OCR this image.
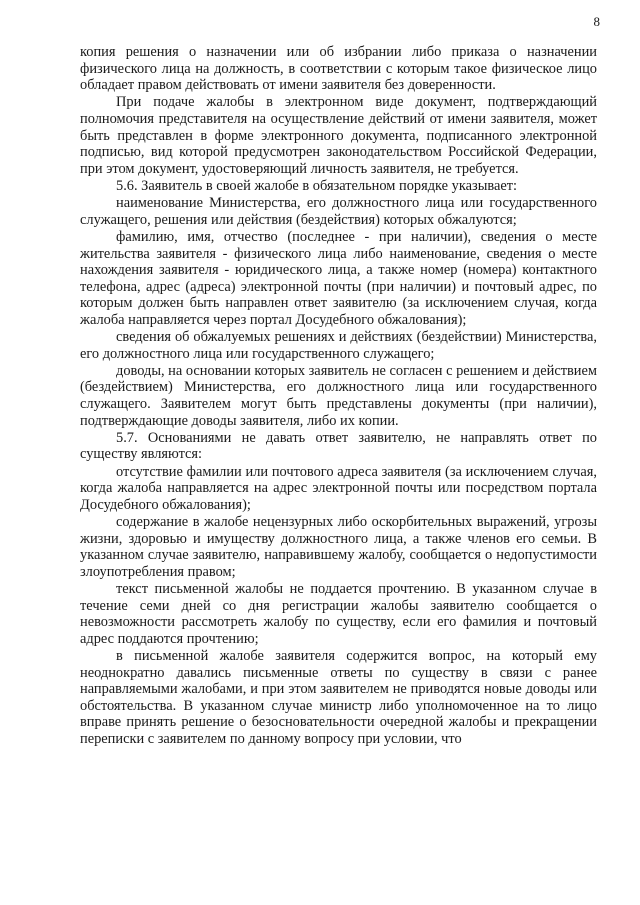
8

копия решения о назначении или об избрании либо приказа о назначении физического лица на должность, в соответствии с которым такое физическое лицо обладает правом действовать от имени заявителя без доверенности.

При подаче жалобы в электронном виде документ, подтверждающий полномочия представителя на осуществление действий от имени заявителя, может быть представлен в форме электронного документа, подписанного электронной подписью, вид которой предусмотрен законодательством Российской Федерации, при этом документ, удостоверяющий личность заявителя, не требуется.

5.6. Заявитель в своей жалобе в обязательном порядке указывает:

наименование Министерства, его должностного лица или государственного служащего, решения или действия (бездействия) которых обжалуются;

фамилию, имя, отчество (последнее - при наличии), сведения о месте жительства заявителя - физического лица либо наименование, сведения о месте нахождения заявителя - юридического лица, а также номер (номера) контактного телефона, адрес (адреса) электронной почты (при наличии) и почтовый адрес, по которым должен быть направлен ответ заявителю (за исключением случая, когда жалоба направляется через портал Досудебного обжалования);

сведения об обжалуемых решениях и действиях (бездействии) Министерства, его должностного лица или государственного служащего;

доводы, на основании которых заявитель не согласен с решением и действием (бездействием) Министерства, его должностного лица или государственного служащего. Заявителем могут быть представлены документы (при наличии), подтверждающие доводы заявителя, либо их копии.

5.7. Основаниями не давать ответ заявителю, не направлять ответ по существу являются:

отсутствие фамилии или почтового адреса заявителя (за исключением случая, когда жалоба направляется на адрес электронной почты или посредством портала Досудебного обжалования);

содержание в жалобе нецензурных либо оскорбительных выражений, угрозы жизни, здоровью и имуществу должностного лица, а также членов его семьи. В указанном случае заявителю, направившему жалобу, сообщается о недопустимости злоупотребления правом;

текст письменной жалобы не поддается прочтению. В указанном случае в течение семи дней со дня регистрации жалобы заявителю сообщается о невозможности рассмотреть жалобу по существу, если его фамилия и почтовый адрес поддаются прочтению;

в письменной жалобе заявителя содержится вопрос, на который ему неоднократно давались письменные ответы по существу в связи с ранее направляемыми жалобами, и при этом заявителем не приводятся новые доводы или обстоятельства. В указанном случае министр либо уполномоченное на то лицо вправе принять решение о безосновательности очередной жалобы и прекращении переписки с заявителем по данному вопросу при условии, что
